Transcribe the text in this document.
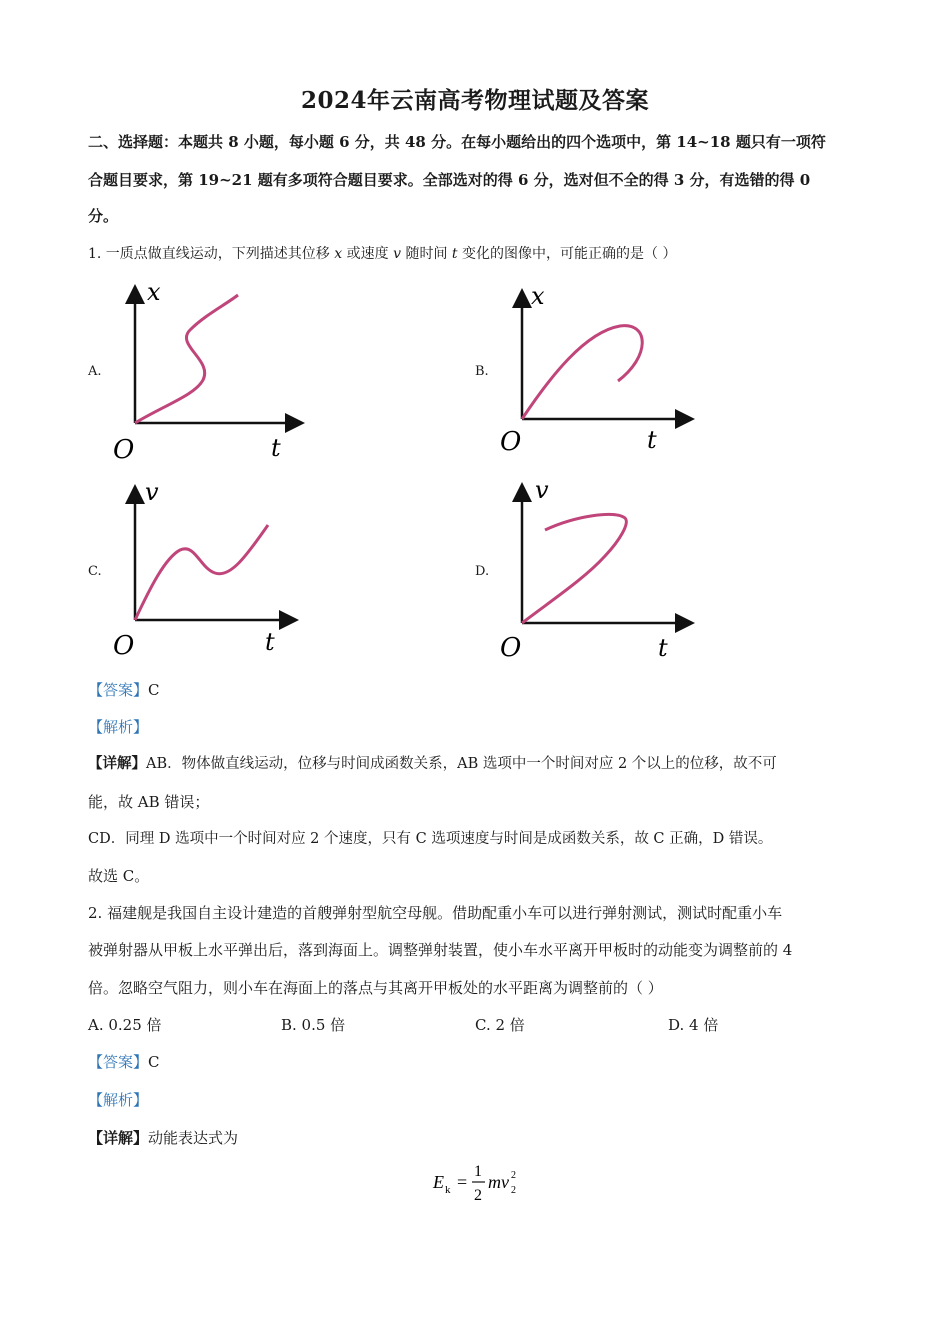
2024年云南高考物理试题及答案
二、选择题：本题共 8 小题，每小题 6 分，共 48 分。在每小题给出的四个选项中，第 14~18 题只有一项符
合题目要求，第 19~21 题有多项符合题目要求。全部选对的得 6 分，选对但不全的得 3 分，有选错的得 0
分。
1. 一质点做直线运动，下列描述其位移 x 或速度 v 随时间 t 变化的图像中，可能正确的是（ ）
A.
x
t
O
B.
x
t
O
C.
v
t
O
D.
v
t
O
【答案】C
【解析】
【详解】AB．物体做直线运动，位移与时间成函数关系，AB 选项中一个时间对应 2 个以上的位移，故不可
能，故 AB 错误；
CD．同理 D 选项中一个时间对应 2 个速度，只有 C 选项速度与时间是成函数关系，故 C 正确，D 错误。
故选 C。
2. 福建舰是我国自主设计建造的首艘弹射型航空母舰。借助配重小车可以进行弹射测试，测试时配重小车
被弹射器从甲板上水平弹出后，落到海面上。调整弹射装置，使小车水平离开甲板时的动能变为调整前的 4
倍。忽略空气阻力，则小车在海面上的落点与其离开甲板处的水平距离为调整前的（ ）
A. 0.25 倍	B. 0.5 倍	C. 2 倍	D. 4 倍
【答案】C
【解析】
【详解】动能表达式为
E k =
1
2
mv 2
2
